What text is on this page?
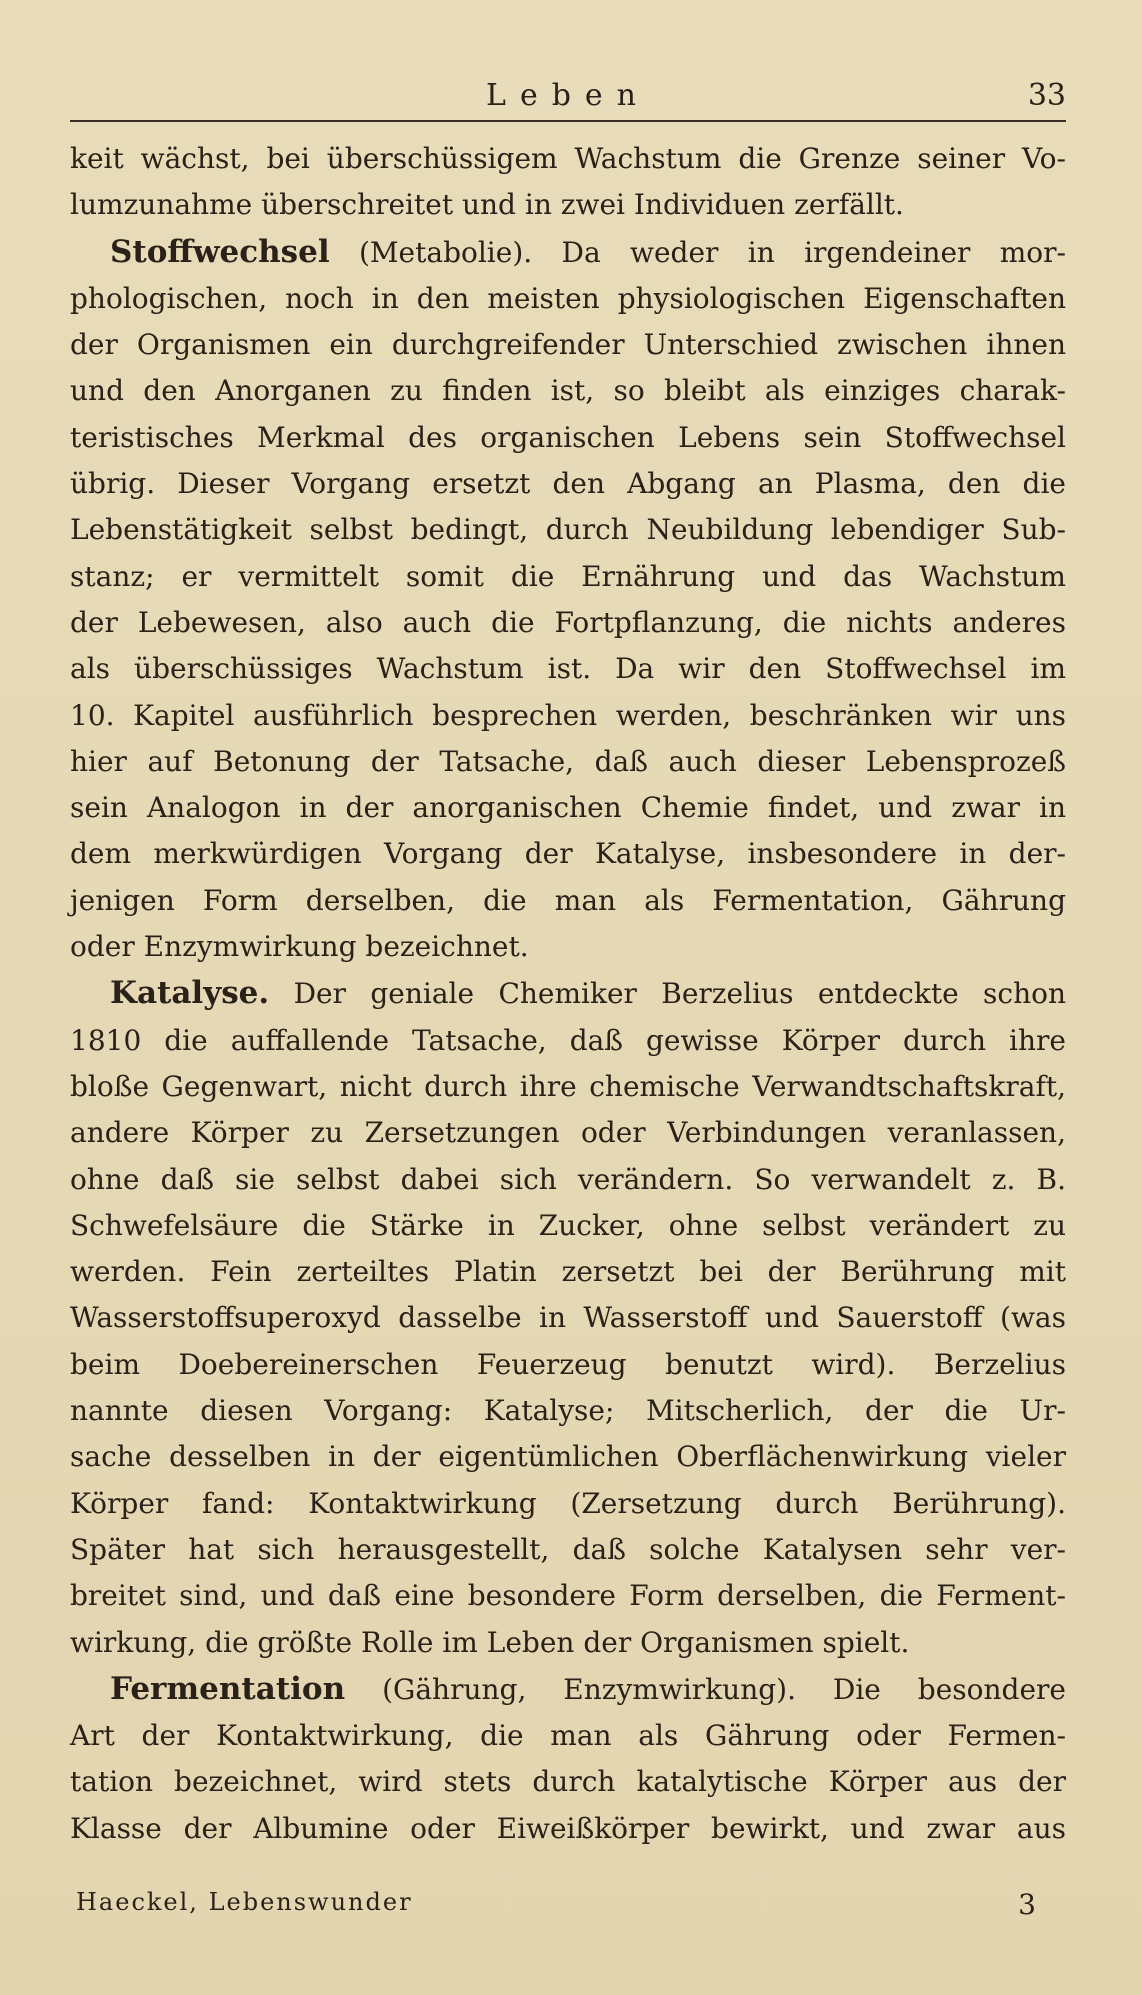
Leben	33

keit wächst, bei überschüssigem Wachstum die Grenze seiner Vo-
lumzunahme überschreitet und in zwei Individuen zerfällt.

Stoffwechsel (Metabolie). Da weder in irgendeiner mor-
phologischen, noch in den meisten physiologischen Eigenschaften
der Organismen ein durchgreifender Unterschied zwischen ihnen
und den Anorganen zu finden ist, so bleibt als einziges charak-
teristisches Merkmal des organischen Lebens sein Stoffwechsel
übrig. Dieser Vorgang ersetzt den Abgang an Plasma, den die
Lebenstätigkeit selbst bedingt, durch Neubildung lebendiger Sub-
stanz; er vermittelt somit die Ernährung und das Wachstum
der Lebewesen, also auch die Fortpflanzung, die nichts anderes
als überschüssiges Wachstum ist. Da wir den Stoffwechsel im
10. Kapitel ausführlich besprechen werden, beschränken wir uns
hier auf Betonung der Tatsache, daß auch dieser Lebensprozeß
sein Analogon in der anorganischen Chemie findet, und zwar in
dem merkwürdigen Vorgang der Katalyse, insbesondere in der-
jenigen Form derselben, die man als Fermentation, Gährung
oder Enzymwirkung bezeichnet.

Katalyse. Der geniale Chemiker Berzelius entdeckte schon
1810 die auffallende Tatsache, daß gewisse Körper durch ihre
bloße Gegenwart, nicht durch ihre chemische Verwandtschaftskraft,
andere Körper zu Zersetzungen oder Verbindungen veranlassen,
ohne daß sie selbst dabei sich verändern. So verwandelt z. B.
Schwefelsäure die Stärke in Zucker, ohne selbst verändert zu
werden. Fein zerteiltes Platin zersetzt bei der Berührung mit
Wasserstoffsuperoxyd dasselbe in Wasserstoff und Sauerstoff (was
beim Doebereinerschen Feuerzeug benutzt wird). Berzelius
nannte diesen Vorgang: Katalyse; Mitscherlich, der die Ur-
sache desselben in der eigentümlichen Oberflächenwirkung vieler
Körper fand: Kontaktwirkung (Zersetzung durch Berührung).
Später hat sich herausgestellt, daß solche Katalysen sehr ver-
breitet sind, und daß eine besondere Form derselben, die Ferment-
wirkung, die größte Rolle im Leben der Organismen spielt.

Fermentation (Gährung, Enzymwirkung). Die besondere
Art der Kontaktwirkung, die man als Gährung oder Fermen-
tation bezeichnet, wird stets durch katalytische Körper aus der
Klasse der Albumine oder Eiweißkörper bewirkt, und zwar aus

Haeckel, Lebenswunder	3
